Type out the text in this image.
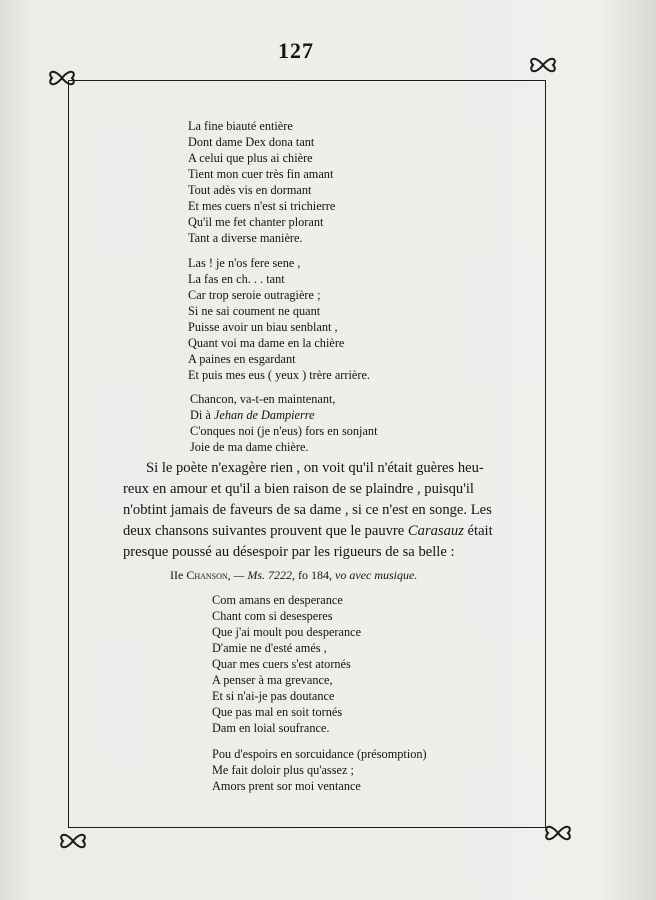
127
La fine biauté entière
Dont dame Dex dona tant
A celui que plus ai chière
Tient mon cuer très fin amant
Tout adès vis en dormant
Et mes cuers n'est si trichierre
Qu'il me fet chanter plorant
Tant a diverse manière.
Las ! je n'os fere sene ,
La fas en ch. . . tant
Car trop seroie outragière ;
Si ne sai coument ne quant
Puisse avoir un biau senblant ,
Quant voi ma dame en la chière
A paines en esgardant
Et puis mes eus ( yeux ) trère arrière.
Chancon, va-t-en maintenant,
Di à Jehan de Dampierre
C'onques noi (je n'eus) fors en sonjant
Joie de ma dame chière.
Si le poète n'exagère rien , on voit qu'il n'était guères heu-
reux en amour et qu'il a bien raison de se plaindre , puisqu'il
n'obtint jamais de faveurs de sa dame , si ce n'est en songe. Les
deux chansons suivantes prouvent que le pauvre Carasauz était
presque poussé au désespoir par les rigueurs de sa belle :
IIe Chanson, — Ms. 7222, fo 184, vo avec musique.
Com amans en desperance
Chant com si desesperes
Que j'ai moult pou desperance
D'amie ne d'esté amés ,
Quar mes cuers s'est atornés
A penser à ma grevance,
Et si n'ai-je pas doutance
Que pas mal en soit tornés
Dam en loial soufrance.
Pou d'espoirs en sorcuidance (présomption)
Me fait doloir plus qu'assez ;
Amors prent sor moi ventance
